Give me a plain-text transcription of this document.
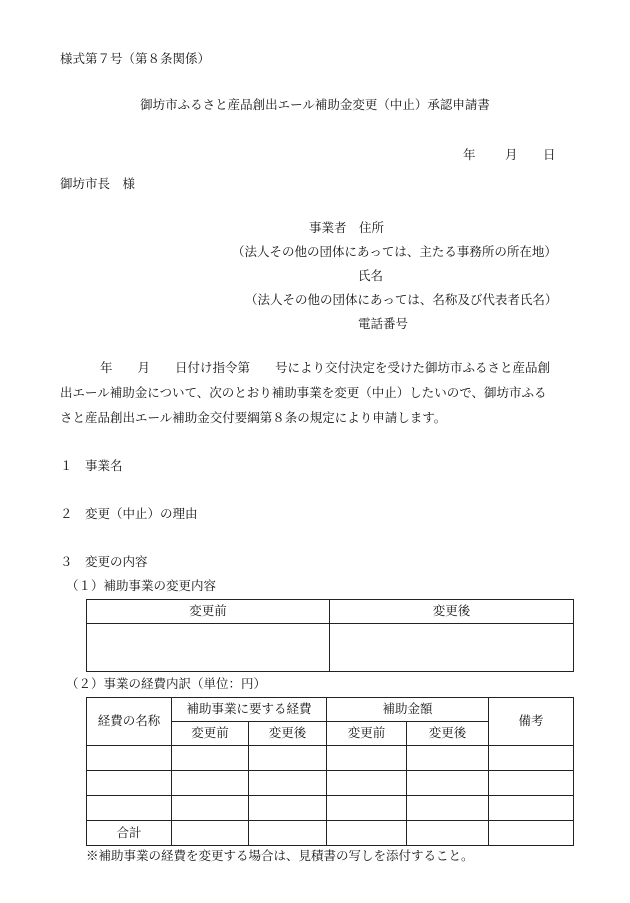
様式第７号（第８条関係）
御坊市ふるさと産品創出エール補助金変更（中止）承認申請書
年 月 日
御坊市長　様
事業者　住所
（法人その他の団体にあっては、主たる事務所の所在地）
氏名
（法人その他の団体にあっては、名称及び代表者氏名）
電話番号
年　　月　　日付け指令第　　号により交付決定を受けた御坊市ふるさと産品創
出エール補助金について、次のとおり補助事業を変更（中止）したいので、御坊市ふる
さと産品創出エール補助金交付要綱第８条の規定により申請します。
１　事業名
２　変更（中止）の理由
３　変更の内容
（１）補助事業の変更内容
変更前	変更後

（２）事業の経費内訳（単位：円）
経費の名称	補助事業に要する経費		補助金額		備考
	変更前	変更後	変更前	変更後	

合計					
※補助事業の経費を変更する場合は、見積書の写しを添付すること。
